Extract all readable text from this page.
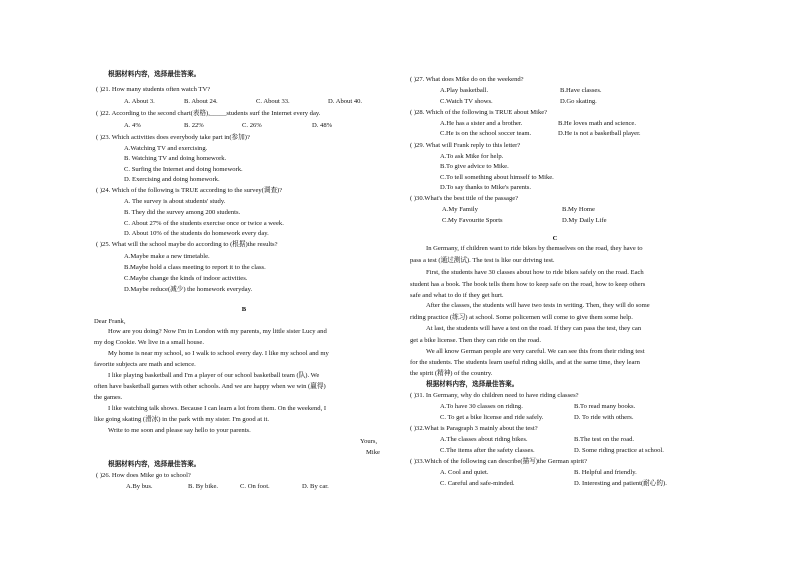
根据材料内容，选择最佳答案。
( )21. How many students often watch TV?
A. About 3.	B. About 24.	C. About 33.	D. About 40.
( )22. According to the second chart(表格),_____students surf the Internet every day.
A. 4%	B. 22%	C. 26%	D. 48%
( )23. Which activities does everybody take part in(参加)?
A.Watching TV and exercising.
B. Watching TV and doing homework.
C. Surfing the Internet and doing homework.
D. Exercising and doing homework.
( )24. Which of the following is TRUE according to the survey(调查)?
A. The survey is about students' study.
B. They did the survey among 200 students.
C. About 27% of the students exercise once or twice a week.
D. About 10% of the students do homework every day.
( )25. What will the school maybe do according to (根据)the results?
A.Maybe make a new timetable.
B.Maybe hold a class meeting to report it to the class.
C.Maybe change the kinds of indoor activities.
D.Maybe reduce(减少) the homework everyday.
B
Dear Frank,
How are you doing? Now I'm in London with my parents, my little sister Lucy and
my dog Cookie. We live in a small house.
My home is near my school, so I walk to school every day. I like my school and my
favorite subjects are math and science.
I like playing basketball and I'm a player of our school basketball team (队). We
often have basketball games with other schools. And we are happy when we win (赢得)
the games.
I like watching talk shows. Because I can learn a lot from them. On the weekend, I
like going skating (滑冰) in the park with my sister. I'm good at it.
Write to me soon and please say hello to your parents.
Yours,
Mike
根据材料内容，选择最佳答案。
( )26. How does Mike go to school?
A.By bus.	B. By bike.	C. On foot.	D. By car.
( )27. What does Mike do on the weekend?
A.Play basketball.	B.Have classes.
C.Watch TV shows.	D.Go skating.
( )28. Which of the following is TRUE about Mike?
A.He has a sister and a brother.	B.He loves math and science.
C.He is on the school soccer team.	D.He is not a basketball player.
( )29. What will Frank reply to this letter?
A.To ask Mike for help.
B.To give advice to Mike.
C.To tell something about himself to Mike.
D.To say thanks to Mike's parents.
( )30.What's the best title of the passage?
A.My Family	B.My Home
C.My Favourite Sports	D.My Daily Life
C
In Germany, if children want to ride bikes by themselves on the road, they have to
pass a test (通过测试). The test is like our driving test.
First, the students have 30 classes about how to ride bikes safely on the road. Each
student has a book. The book tells them how to keep safe on the road, how to keep others
safe and what to do if they get hurt.
After the classes, the students will have two tests in writing. Then, they will do some
riding practice (练习) at school. Some policemen will come to give them some help.
At last, the students will have a test on the road. If they can pass the test, they can
get a bike license. Then they can ride on the road.
We all know German people are very careful. We can see this from their riding test
for the students. The students learn useful riding skills, and at the same time, they learn
the spirit (精神) of the country.
根据材料内容，选择最佳答案。
( )31. In Germany, why do children need to have riding classes?
A.To have 30 classes on riding.	B.To read many books.
C. To get a bike license and ride safely.	D. To ride with others.
( )32.What is Paragraph 3 mainly about the test?
A.The classes about riding bikes.	B.The test on the road.
C.The items after the safety classes.	D. Some riding practice at school.
( )33.Which of the following can describe(描写)the German spirit?
A. Cool and quiet.	B. Helpful and friendly.
C. Careful and safe-minded.	D. Interesting and patient(耐心的).
